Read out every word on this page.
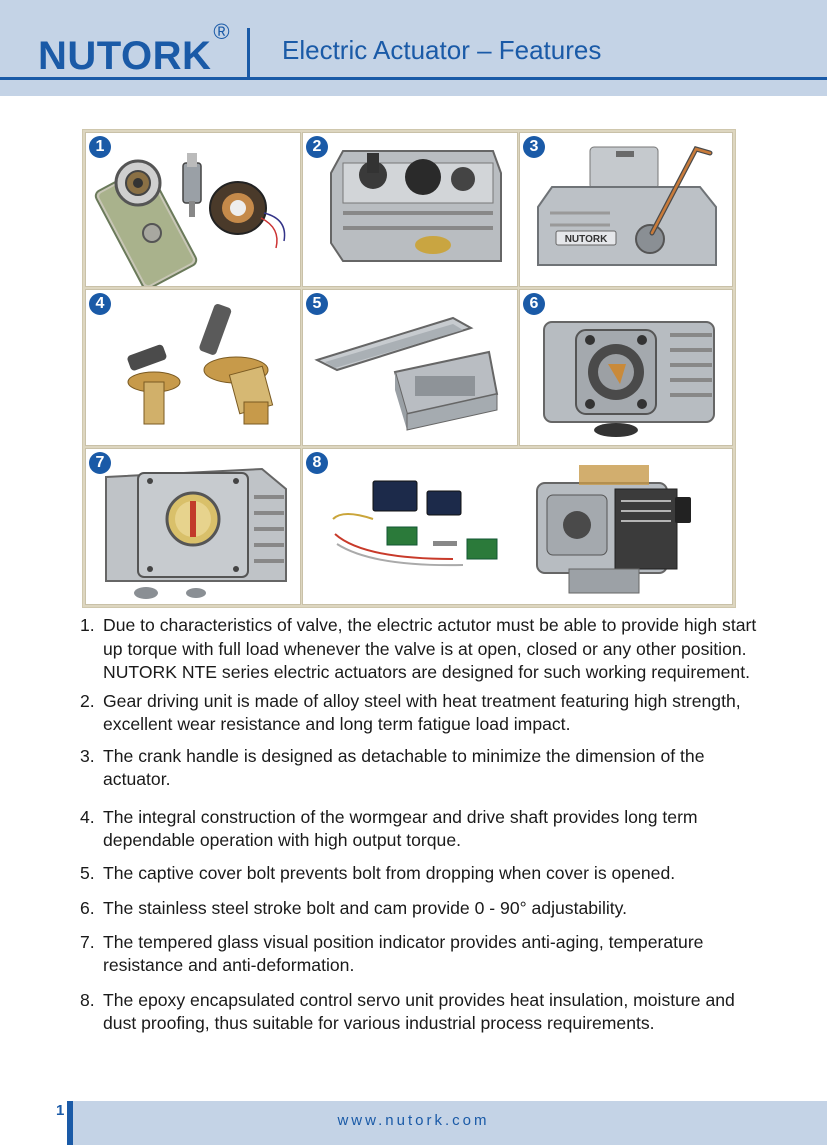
NUTORK®
Electric Actuator – Features
1	2	3
NUTORK
4	5	6
7	8
1. Due to characteristics of valve, the electric actutor must be able to provide high start up torque with full load whenever the valve is at open, closed or any other position. NUTORK NTE series electric actuators are designed for such working requirement.
2. Gear driving unit is made of alloy steel with heat treatment featuring high strength, excellent wear resistance and long term fatigue load impact.
3. The crank handle is designed as detachable to minimize the dimension of the actuator.
4. The integral construction of the wormgear and drive shaft provides long term dependable operation with high output torque.
5. The captive cover bolt prevents bolt from dropping when cover is opened.
6. The stainless steel stroke bolt and cam provide 0 - 90° adjustability.
7. The tempered glass visual position indicator provides anti-aging, temperature resistance and anti-deformation.
8. The epoxy encapsulated control servo unit provides heat insulation, moisture and dust proofing, thus suitable for various industrial process requirements.
1
www.nutork.com
